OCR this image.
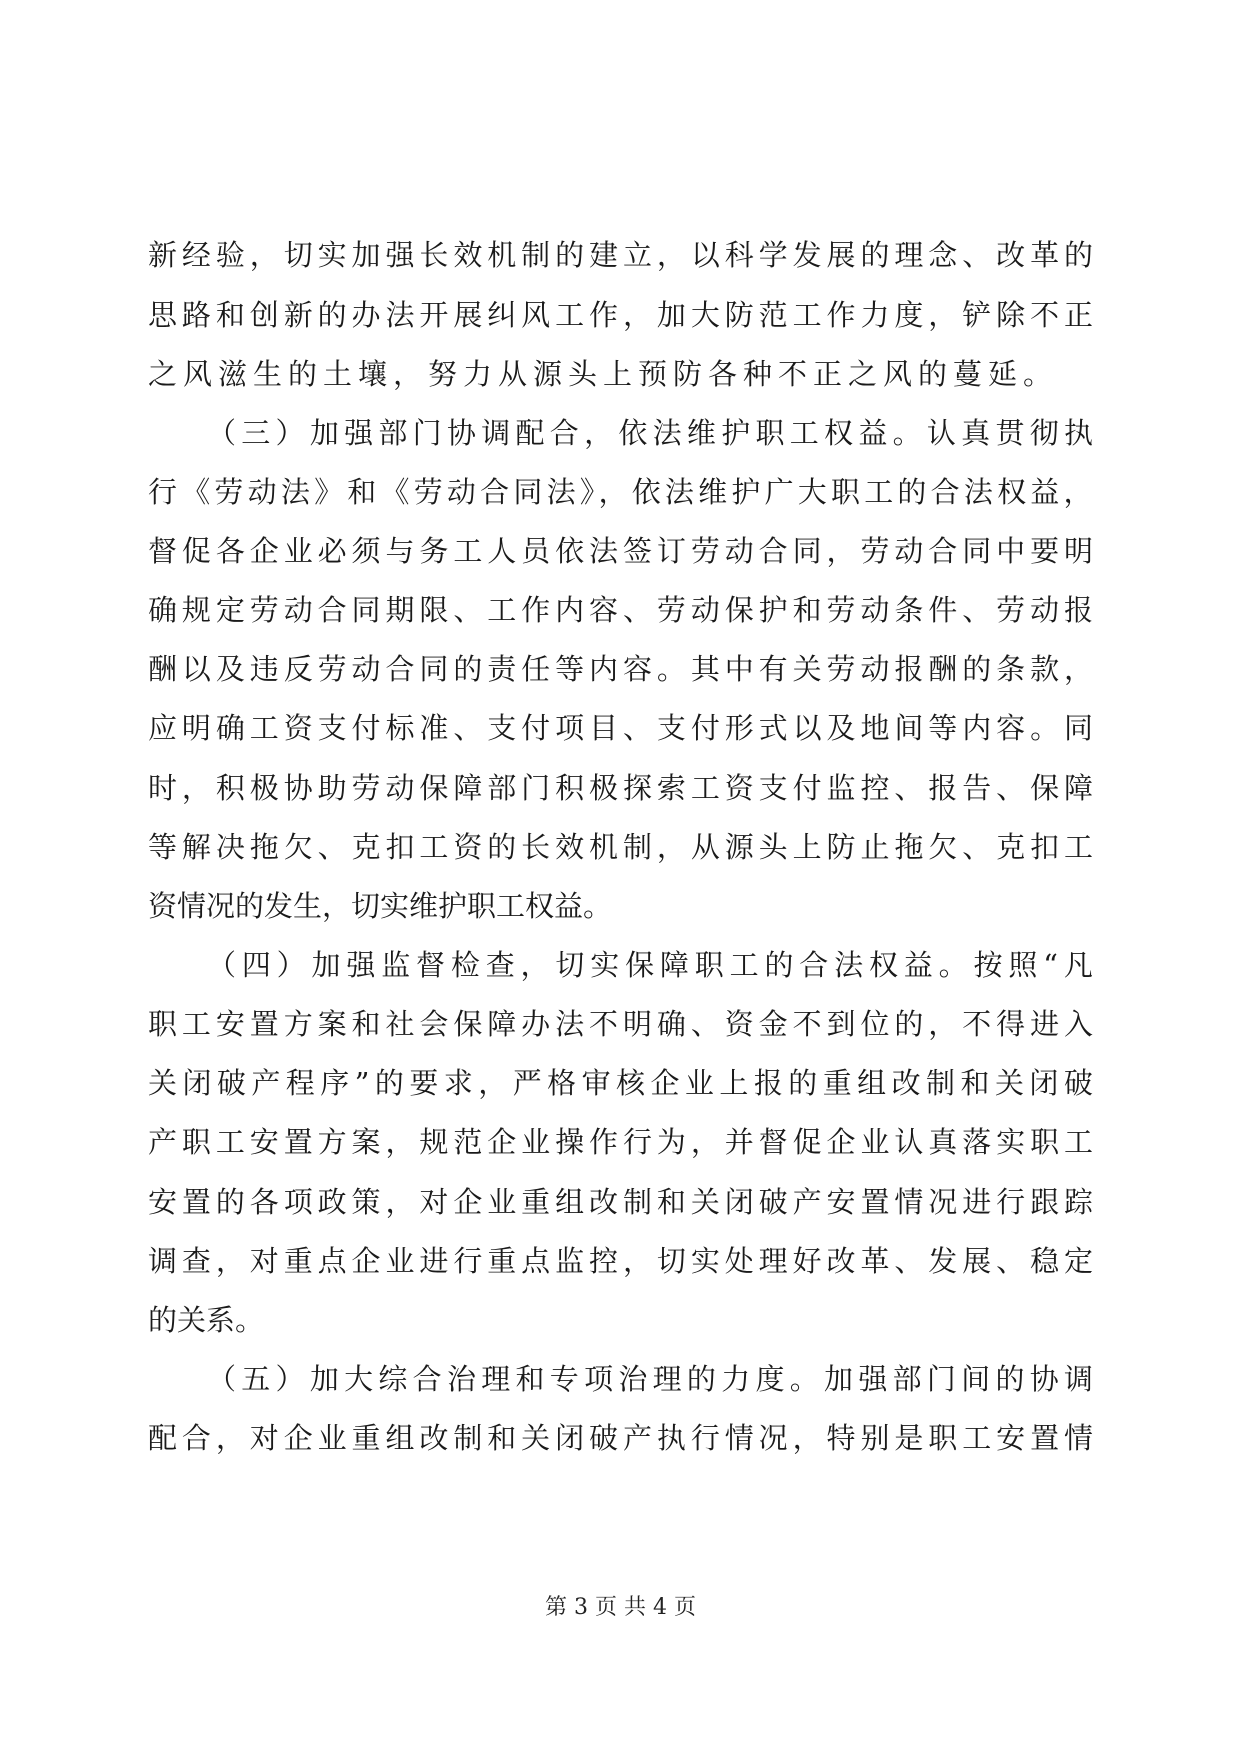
新经验，切实加强长效机制的建立，以科学发展的理念、改革的
思路和创新的办法开展纠风工作，加大防范工作力度，铲除不正
之风滋生的土壤，努力从源头上预防各种不正之风的蔓延。
（三）加强部门协调配合，依法维护职工权益。认真贯彻执
行《劳动法》和《劳动合同法》，依法维护广大职工的合法权益，
督促各企业必须与务工人员依法签订劳动合同，劳动合同中要明
确规定劳动合同期限、工作内容、劳动保护和劳动条件、劳动报
酬以及违反劳动合同的责任等内容。其中有关劳动报酬的条款，
应明确工资支付标准、支付项目、支付形式以及地间等内容。同
时，积极协助劳动保障部门积极探索工资支付监控、报告、保障
等解决拖欠、克扣工资的长效机制，从源头上防止拖欠、克扣工
资情况的发生，切实维护职工权益。
（四）加强监督检查，切实保障职工的合法权益。按照“凡
职工安置方案和社会保障办法不明确、资金不到位的，不得进入
关闭破产程序”的要求，严格审核企业上报的重组改制和关闭破
产职工安置方案，规范企业操作行为，并督促企业认真落实职工
安置的各项政策，对企业重组改制和关闭破产安置情况进行跟踪
调查，对重点企业进行重点监控，切实处理好改革、发展、稳定
的关系。
（五）加大综合治理和专项治理的力度。加强部门间的协调
配合，对企业重组改制和关闭破产执行情况，特别是职工安置情
第 3 页 共 4 页
